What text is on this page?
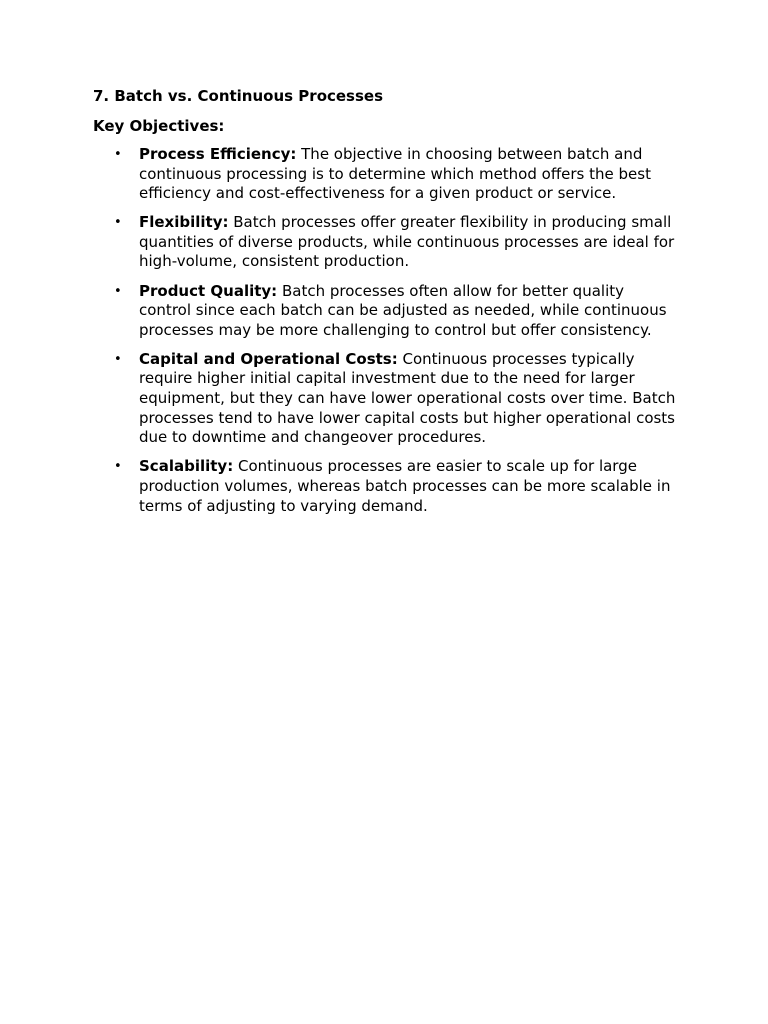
7. Batch vs. Continuous Processes

Key Objectives:

• Process Efficiency: The objective in choosing between batch and continuous processing is to determine which method offers the best efficiency and cost-effectiveness for a given product or service.
• Flexibility: Batch processes offer greater flexibility in producing small quantities of diverse products, while continuous processes are ideal for high-volume, consistent production.
• Product Quality: Batch processes often allow for better quality control since each batch can be adjusted as needed, while continuous processes may be more challenging to control but offer consistency.
• Capital and Operational Costs: Continuous processes typically require higher initial capital investment due to the need for larger equipment, but they can have lower operational costs over time. Batch processes tend to have lower capital costs but higher operational costs due to downtime and changeover procedures.
• Scalability: Continuous processes are easier to scale up for large production volumes, whereas batch processes can be more scalable in terms of adjusting to varying demand.
